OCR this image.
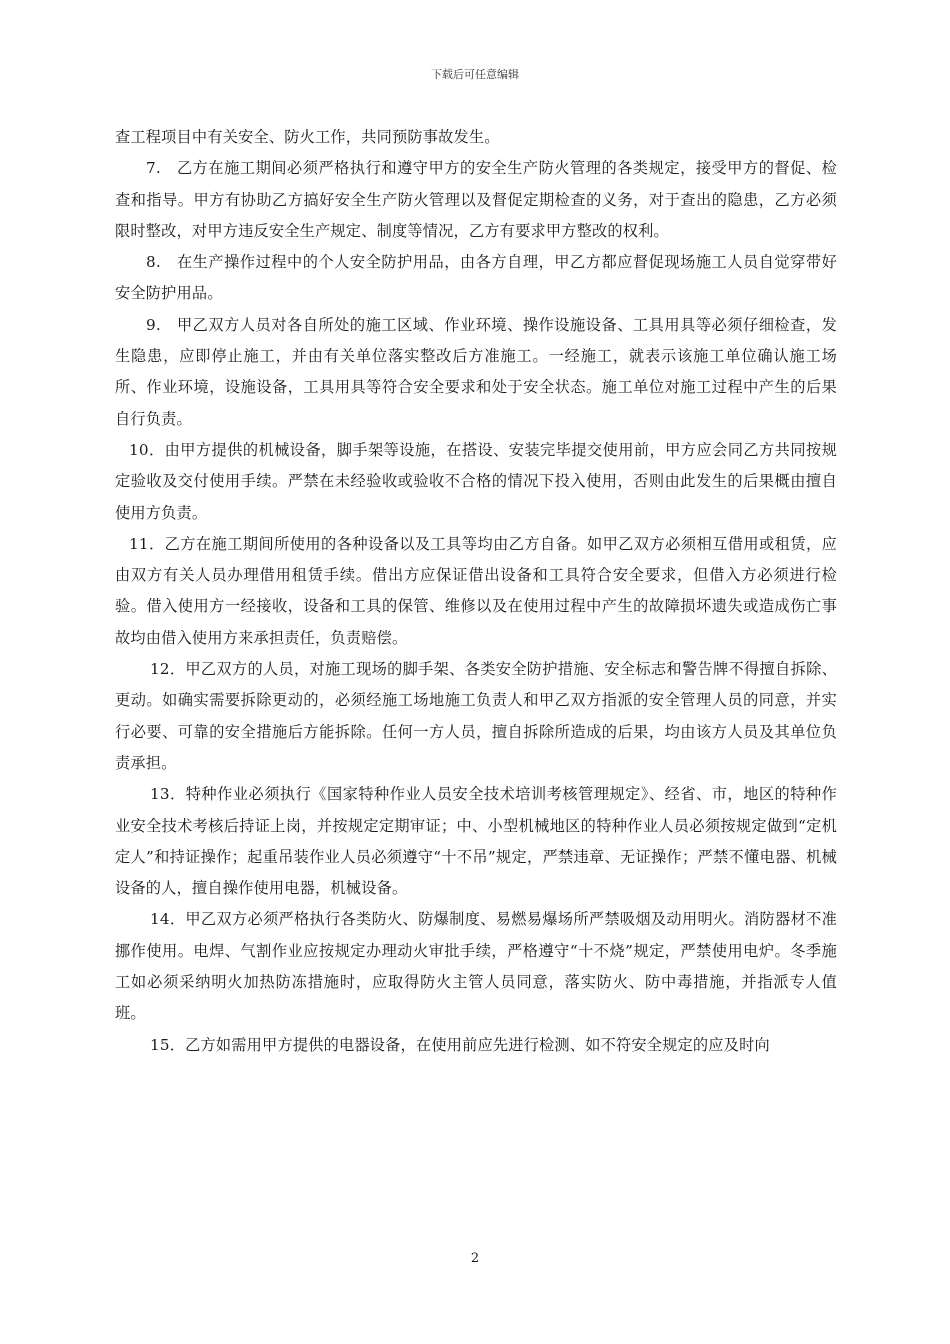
下载后可任意编辑

查工程项目中有关安全、防火工作，共同预防事故发生。

7.　乙方在施工期间必须严格执行和遵守甲方的安全生产防火管理的各类规定，接受甲方的督促、检查和指导。甲方有协助乙方搞好安全生产防火管理以及督促定期检查的义务，对于查出的隐患，乙方必须限时整改，对甲方违反安全生产规定、制度等情况，乙方有要求甲方整改的权利。

8.　在生产操作过程中的个人安全防护用品，由各方自理，甲乙方都应督促现场施工人员自觉穿带好安全防护用品。

9.　甲乙双方人员对各自所处的施工区域、作业环境、操作设施设备、工具用具等必须仔细检查，发生隐患，应即停止施工，并由有关单位落实整改后方准施工。一经施工，就表示该施工单位确认施工场所、作业环境，设施设备，工具用具等符合安全要求和处于安全状态。施工单位对施工过程中产生的后果自行负责。

10．由甲方提供的机械设备，脚手架等设施，在搭设、安装完毕提交使用前，甲方应会同乙方共同按规定验收及交付使用手续。严禁在未经验收或验收不合格的情况下投入使用，否则由此发生的后果概由擅自使用方负责。

11．乙方在施工期间所使用的各种设备以及工具等均由乙方自备。如甲乙双方必须相互借用或租赁，应由双方有关人员办理借用租赁手续。借出方应保证借出设备和工具符合安全要求，但借入方必须进行检验。借入使用方一经接收，设备和工具的保管、维修以及在使用过程中产生的故障损坏遗失或造成伤亡事故均由借入使用方来承担责任，负责赔偿。

12．甲乙双方的人员，对施工现场的脚手架、各类安全防护措施、安全标志和警告牌不得擅自拆除、更动。如确实需要拆除更动的，必须经施工场地施工负责人和甲乙双方指派的安全管理人员的同意，并实行必要、可靠的安全措施后方能拆除。任何一方人员，擅自拆除所造成的后果，均由该方人员及其单位负责承担。

13．特种作业必须执行《国家特种作业人员安全技术培训考核管理规定》、经省、市，地区的特种作业安全技术考核后持证上岗，并按规定定期审证；中、小型机械地区的特种作业人员必须按规定做到“定机定人”和持证操作；起重吊装作业人员必须遵守“十不吊”规定，严禁违章、无证操作；严禁不懂电器、机械设备的人，擅自操作使用电器，机械设备。

14．甲乙双方必须严格执行各类防火、防爆制度、易燃易爆场所严禁吸烟及动用明火。消防器材不准挪作使用。电焊、气割作业应按规定办理动火审批手续，严格遵守“十不烧”规定，严禁使用电炉。冬季施工如必须采纳明火加热防冻措施时，应取得防火主管人员同意，落实防火、防中毒措施，并指派专人值班。

15．乙方如需用甲方提供的电器设备，在使用前应先进行检测、如不符安全规定的应及时向

2
